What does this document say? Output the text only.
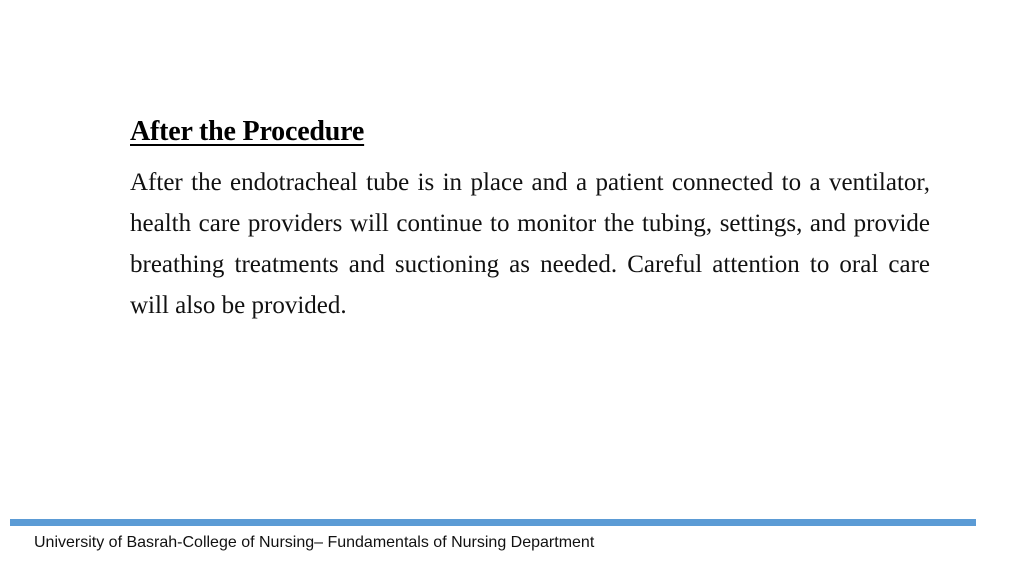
After the Procedure

After the endotracheal tube is in place and a patient connected to a ventilator, health care providers will continue to monitor the tubing, settings, and provide breathing treatments and suctioning as needed. Careful attention to oral care will also be provided.

University of Basrah-College of Nursing– Fundamentals of Nursing Department
